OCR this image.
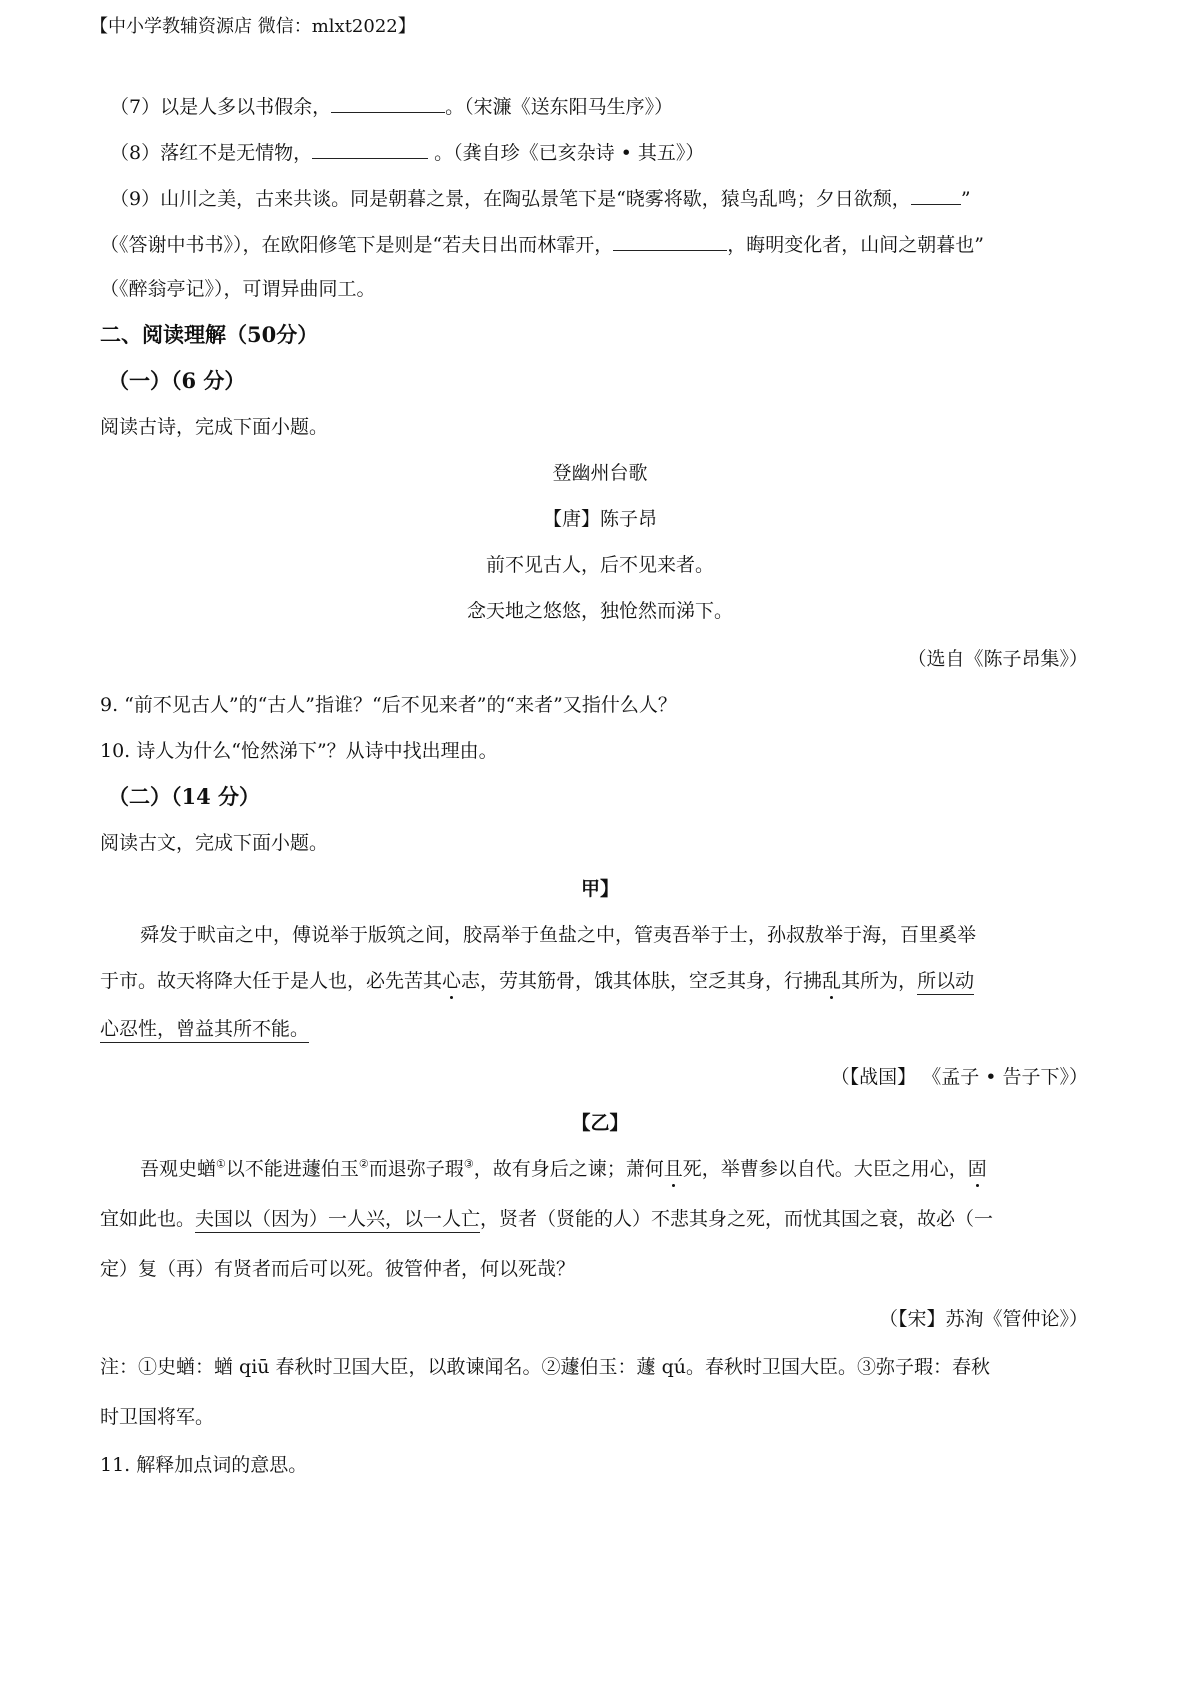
【中小学教辅资源店 微信：mlxt2022】
（7）以是人多以书假余，	。（宋濂《送东阳马生序》）
（8）落红不是无情物，	。（龚自珍《已亥杂诗 • 其五》）
（9）山川之美，古来共谈。同是朝暮之景，在陶弘景笔下是“晓雾将歇，猿鸟乱鸣；夕日欲颓，	”
（《答谢中书书》），在欧阳修笔下是则是“若夫日出而林霏开，	，晦明变化者，山间之朝暮也”
（《醉翁亭记》），可谓异曲同工。
二、阅读理解（50分）
（一）（6 分）
阅读古诗，完成下面小题。
登幽州台歌
【唐】陈子昂
前不见古人，后不见来者。
念天地之悠悠，独怆然而涕下。
（选自《陈子昂集》）
9. “前不见古人”的“古人”指谁？“后不见来者”的“来者”又指什么人？
10. 诗人为什么“怆然涕下”？从诗中找出理由。
（二）（14 分）
阅读古文，完成下面小题。
甲】
舜发于畎亩之中，傅说举于版筑之间，胶鬲举于鱼盐之中，管夷吾举于士，孙叔敖举于海，百里奚举
于市。故天将降大任于是人也，必先苦其心志，劳其筋骨，饿其体肤，空乏其身，行拂乱其所为，所以动
心忍性，曾益其所不能。
（【战国】 《孟子 • 告子下》）
【乙】
吾观史蝤①以不能进蘧伯玉②而退弥子瑕③，故有身后之谏；萧何且死，举曹参以自代。大臣之用心，固
宜如此也。夫国以（因为）一人兴，以一人亡，贤者（贤能的人）不悲其身之死，而忧其国之衰，故必（一
定）复（再）有贤者而后可以死。彼管仲者，何以死哉？
（【宋】苏洵《管仲论》）
注：①史蝤：蝤 qiū 春秋时卫国大臣，以敢谏闻名。②蘧伯玉：蘧 qú。春秋时卫国大臣。③弥子瑕：春秋
时卫国将军。
11. 解释加点词的意思。
